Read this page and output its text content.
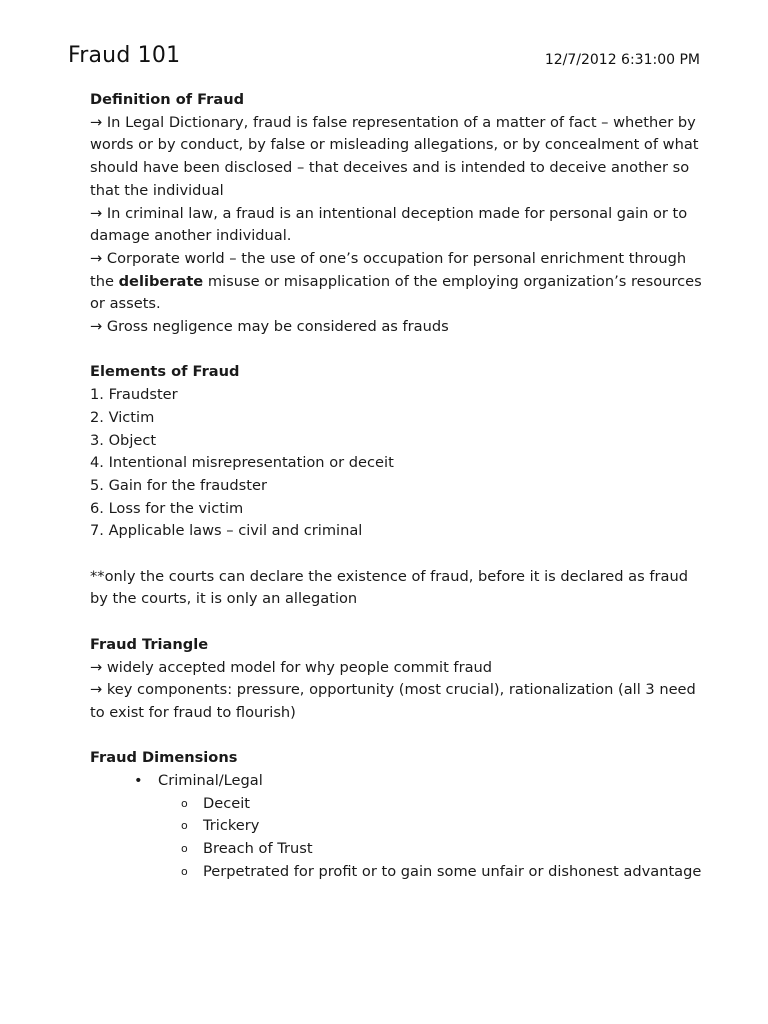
Fraud 101	12/7/2012 6:31:00 PM
Definition of Fraud

→ In Legal Dictionary, fraud is false representation of a matter of fact – whether by words or by conduct, by false or misleading allegations, or by concealment of what should have been disclosed – that deceives and is intended to deceive another so that the individual

→ In criminal law, a fraud is an intentional deception made for personal gain or to damage another individual.

→ Corporate world – the use of one’s occupation for personal enrichment through the deliberate misuse or misapplication of the employing organization’s resources or assets.

→ Gross negligence may be considered as frauds

Elements of Fraud
1. Fraudster
2. Victim
3. Object
4. Intentional misrepresentation or deceit
5. Gain for the fraudster
6. Loss for the victim
7. Applicable laws – civil and criminal

**only the courts can declare the existence of fraud, before it is declared as fraud by the courts, it is only an allegation

Fraud Triangle

→ widely accepted model for why people commit fraud

→ key components: pressure, opportunity (most crucial), rationalization (all 3 need to exist for fraud to flourish)

Fraud Dimensions
• Criminal/Legal
o Deceit
o Trickery
o Breach of Trust
o Perpetrated for profit or to gain some unfair or dishonest advantage
